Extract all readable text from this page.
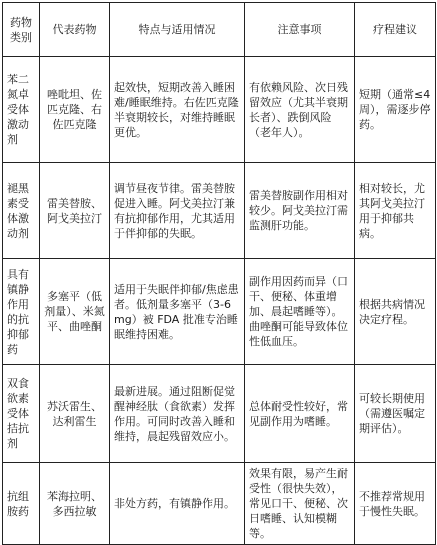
药物类别	代表药物	特点与适用情况	注意事项	疗程建议
苯二氮卓受体激动剂	唑吡坦、佐匹克隆、右佐匹克隆	起效快，短期改善入睡困难/睡眠维持。右佐匹克隆半衰期较长，对维持睡眠更优。	有依赖风险、次日残留效应（尤其半衰期长者）、跌倒风险（老年人）。	短期（通常≤4周），需逐步停药。
褪黑素受体激动剂	雷美替胺、阿戈美拉汀	调节昼夜节律。雷美替胺促进入睡。阿戈美拉汀兼有抗抑郁作用，尤其适用于伴抑郁的失眠。	雷美替胺副作用相对较少。阿戈美拉汀需监测肝功能。	相对较长，尤其阿戈美拉汀用于抑郁共病。
具有镇静作用的抗抑郁药	多塞平（低剂量）、米氮平、曲唑酮	适用于失眠伴抑郁/焦虑患者。低剂量多塞平（3-6mg）被 FDA 批准专治睡眠维持困难。	副作用因药而异（口干、便秘、体重增加、晨起嗜睡等）。曲唑酮可能导致体位性低血压。	根据共病情况决定疗程。
双食欲素受体拮抗剂	苏沃雷生、达利雷生	最新进展。通过阻断促觉醒神经肽（食欲素）发挥作用。可同时改善入睡和维持，晨起残留效应小。	总体耐受性较好，常见副作用为嗜睡。	可较长期使用（需遵医嘱定期评估）。
抗组胺药	苯海拉明、多西拉敏	非处方药，有镇静作用。	效果有限，易产生耐受性（很快失效），常见口干、便秘、次日嗜睡、认知模糊等。	不推荐常规用于慢性失眠。
